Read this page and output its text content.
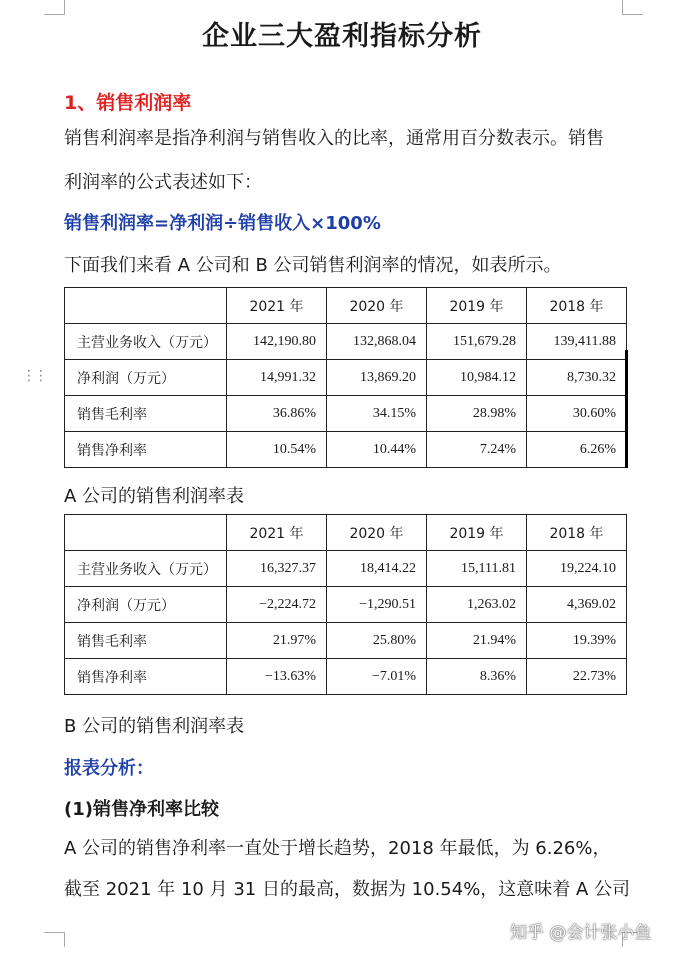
企业三大盈利指标分析
1、销售利润率
销售利润率是指净利润与销售收入的比率，通常用百分数表示。销售
利润率的公式表述如下：
销售利润率=净利润÷销售收入×100%
下面我们来看 A 公司和 B 公司销售利润率的情况，如表所示。
⋮⋮
	2021 年	2020 年	2019 年	2018 年
主营业务收入（万元）	142,190.80	132,868.04	151,679.28	139,411.88
净利润（万元）	14,991.32	13,869.20	10,984.12	8,730.32
销售毛利率	36.86%	34.15%	28.98%	30.60%
销售净利率	10.54%	10.44%	7.24%	6.26%
A 公司的销售利润率表
	2021 年	2020 年	2019 年	2018 年
主营业务收入（万元）	16,327.37	18,414.22	15,111.81	19,224.10
净利润（万元）	−2,224.72	−1,290.51	1,263.02	4,369.02
销售毛利率	21.97%	25.80%	21.94%	19.39%
销售净利率	−13.63%	−7.01%	8.36%	22.73%
B 公司的销售利润率表
报表分析：
(1)销售净利率比较
A 公司的销售净利率一直处于增长趋势，2018 年最低，为 6.26%，
截至 2021 年 10 月 31 日的最高，数据为 10.54%，这意味着 A 公司
知乎 @会计张小鱼
